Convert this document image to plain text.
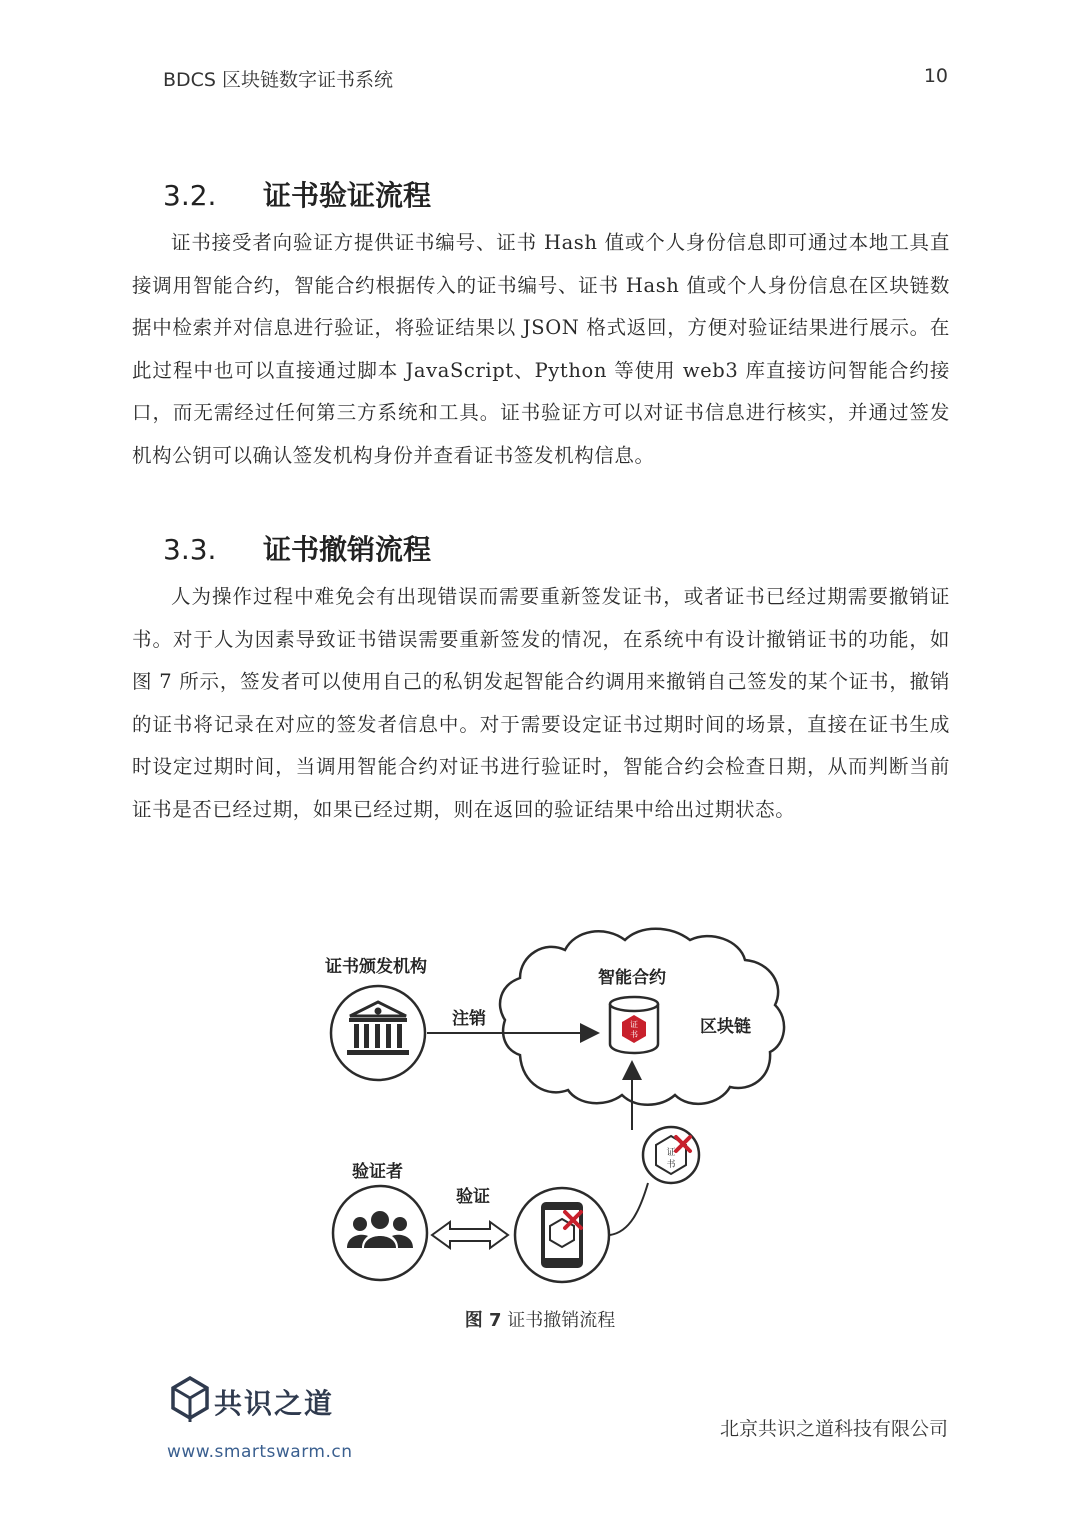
BDCS 区块链数字证书系统	10
3.2. 证书验证流程

证书接受者向验证方提供证书编号、证书 Hash 值或个人身份信息即可通过本地工具直接调用智能合约，智能合约根据传入的证书编号、证书 Hash 值或个人身份信息在区块链数据中检索并对信息进行验证，将验证结果以 JSON 格式返回，方便对验证结果进行展示。在此过程中也可以直接通过脚本 JavaScript、Python 等使用 web3 库直接访问智能合约接口，而无需经过任何第三方系统和工具。证书验证方可以对证书信息进行核实，并通过签发机构公钥可以确认签发机构身份并查看证书签发机构信息。

3.3. 证书撤销流程

人为操作过程中难免会有出现错误而需要重新签发证书，或者证书已经过期需要撤销证书。对于人为因素导致证书错误需要重新签发的情况，在系统中有设计撤销证书的功能，如图 7 所示，签发者可以使用自己的私钥发起智能合约调用来撤销自己签发的某个证书，撤销的证书将记录在对应的签发者信息中。对于需要设定证书过期时间的场景，直接在证书生成时设定过期时间，当调用智能合约对证书进行验证时，智能合约会检查日期，从而判断当前证书是否已经过期，如果已经过期，则在返回的验证结果中给出过期状态。

证书颁发机构
注销
智能合约
证
书	区块链
证
书
验证者
验证
图 7 证书撤销流程
共识之道
www.smartswarm.cn
北京共识之道科技有限公司
